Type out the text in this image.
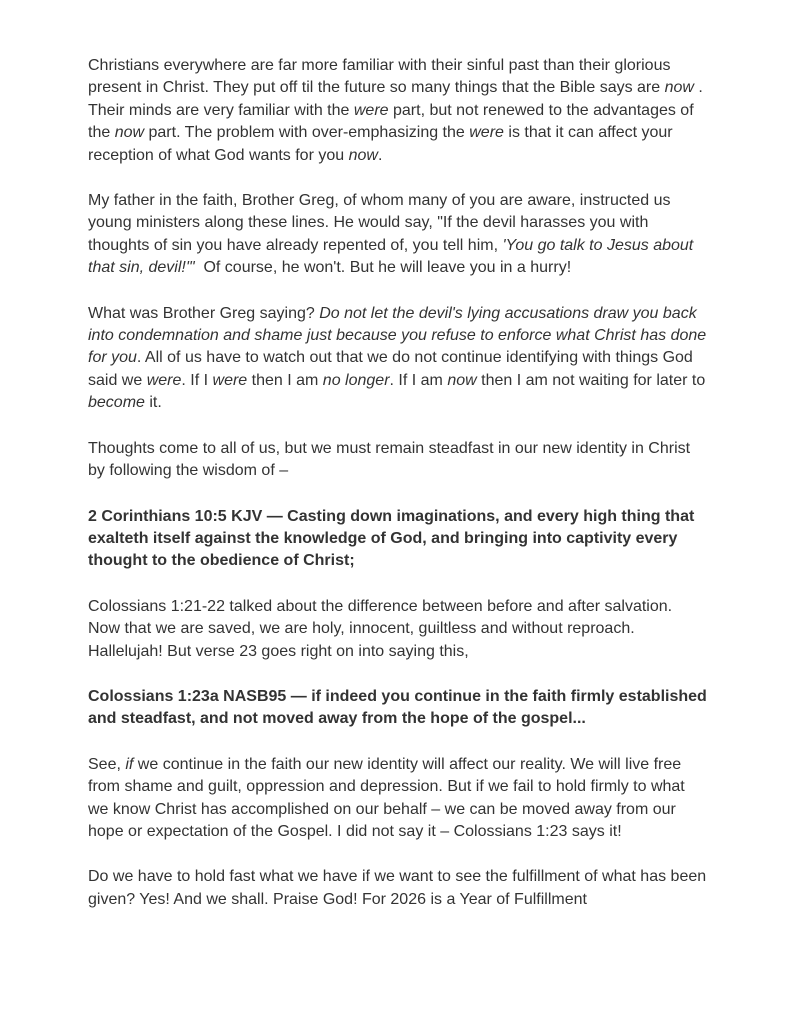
Christians everywhere are far more familiar with their sinful past than their glorious present in Christ. They put off til the future so many things that the Bible says are now . Their minds are very familiar with the were part, but not renewed to the advantages of the now part. The problem with over-emphasizing the were is that it can affect your reception of what God wants for you now.

My father in the faith, Brother Greg, of whom many of you are aware, instructed us young ministers along these lines. He would say, "If the devil harasses you with thoughts of sin you have already repented of, you tell him, 'You go talk to Jesus about that sin, devil!'"  Of course, he won't. But he will leave you in a hurry!

What was Brother Greg saying? Do not let the devil's lying accusations draw you back into condemnation and shame just because you refuse to enforce what Christ has done for you. All of us have to watch out that we do not continue identifying with things God said we were. If I were then I am no longer. If I am now then I am not waiting for later to become it.

Thoughts come to all of us, but we must remain steadfast in our new identity in Christ by following the wisdom of –

2 Corinthians 10:5 KJV — Casting down imaginations, and every high thing that exalteth itself against the knowledge of God, and bringing into captivity every thought to the obedience of Christ;

Colossians 1:21-22 talked about the difference between before and after salvation. Now that we are saved, we are holy, innocent, guiltless and without reproach. Hallelujah! But verse 23 goes right on into saying this,

Colossians 1:23a NASB95 — if indeed you continue in the faith firmly established and steadfast, and not moved away from the hope of the gospel...

See, if we continue in the faith our new identity will affect our reality. We will live free from shame and guilt, oppression and depression. But if we fail to hold firmly to what we know Christ has accomplished on our behalf – we can be moved away from our hope or expectation of the Gospel. I did not say it – Colossians 1:23 says it!

Do we have to hold fast what we have if we want to see the fulfillment of what has been given? Yes! And we shall. Praise God! For 2026 is a Year of Fulfillment
